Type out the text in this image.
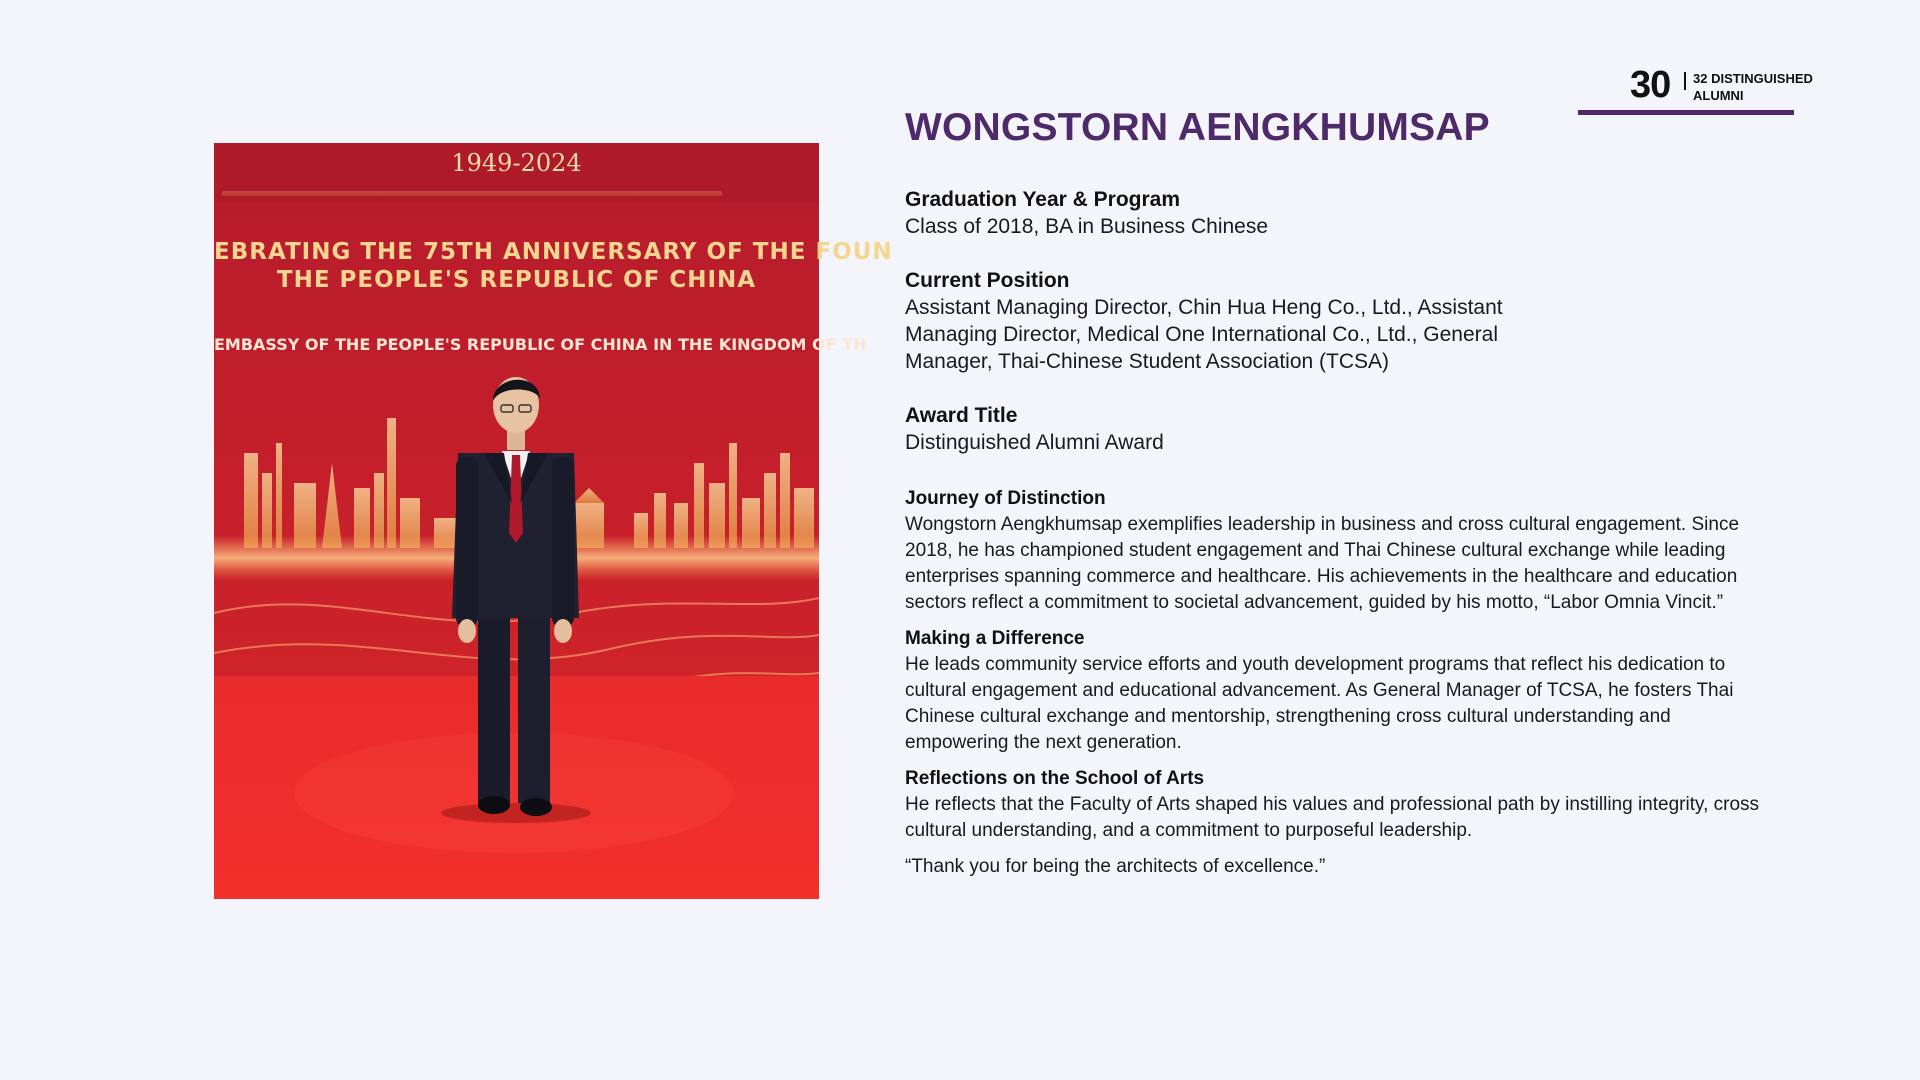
30 32 DISTINGUISHED ALUMNI
1949-2024
EBRATING THE 75TH ANNIVERSARY OF THE FOUN
THE PEOPLE'S REPUBLIC OF CHINA
EMBASSY OF THE PEOPLE'S REPUBLIC OF CHINA IN THE KINGDOM OF TH
WONGSTORN AENGKHUMSAP
Graduation Year & Program
Class of 2018, BA in Business Chinese
Current Position
Assistant Managing Director, Chin Hua Heng Co., Ltd., Assistant Managing Director, Medical One International Co., Ltd., General Manager, Thai-Chinese Student Association (TCSA)
Award Title
Distinguished Alumni Award
Journey of Distinction
Wongstorn Aengkhumsap exemplifies leadership in business and cross cultural engagement. Since 2018, he has championed student engagement and Thai Chinese cultural exchange while leading enterprises spanning commerce and healthcare. His achievements in the healthcare and education sectors reflect a commitment to societal advancement, guided by his motto, “Labor Omnia Vincit.”
Making a Difference
He leads community service efforts and youth development programs that reflect his dedication to cultural engagement and educational advancement. As General Manager of TCSA, he fosters Thai Chinese cultural exchange and mentorship, strengthening cross cultural understanding and empowering the next generation.
Reflections on the School of Arts
He reflects that the Faculty of Arts shaped his values and professional path by instilling integrity, cross cultural understanding, and a commitment to purposeful leadership.
“Thank you for being the architects of excellence.”
